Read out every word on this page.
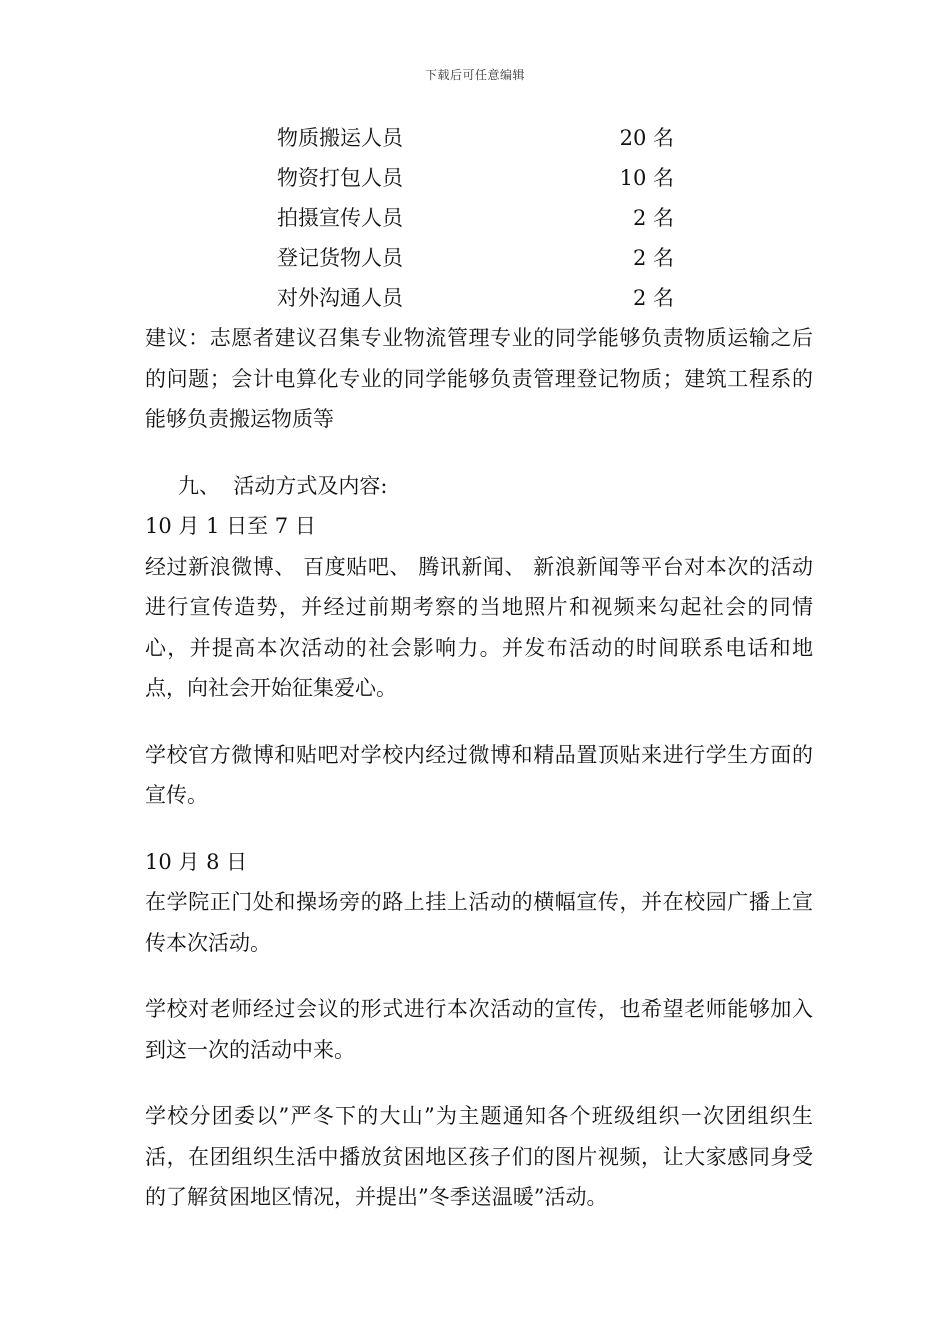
下载后可任意编辑
物质搬运人员	20 名
物资打包人员	10 名
拍摄宣传人员	2 名
登记货物人员	2 名
对外沟通人员	2 名

建议：志愿者建议召集专业物流管理专业的同学能够负责物质运输之后的问题；会计电算化专业的同学能够负责管理登记物质；建筑工程系的能够负责搬运物质等

九、  活动方式及内容:

10 月 1 日至 7 日

经过新浪微博、 百度贴吧、 腾讯新闻、 新浪新闻等平台对本次的活动进行宣传造势，并经过前期考察的当地照片和视频来勾起社会的同情心，并提高本次活动的社会影响力。并发布活动的时间联系电话和地点，向社会开始征集爱心。

学校官方微博和贴吧对学校内经过微博和精品置顶贴来进行学生方面的宣传。

10 月 8 日

在学院正门处和操场旁的路上挂上活动的横幅宣传，并在校园广播上宣传本次活动。

学校对老师经过会议的形式进行本次活动的宣传，也希望老师能够加入到这一次的活动中来。

学校分团委以”严冬下的大山”为主题通知各个班级组织一次团组织生活，在团组织生活中播放贫困地区孩子们的图片视频，让大家感同身受的了解贫困地区情况，并提出”冬季送温暖”活动。
